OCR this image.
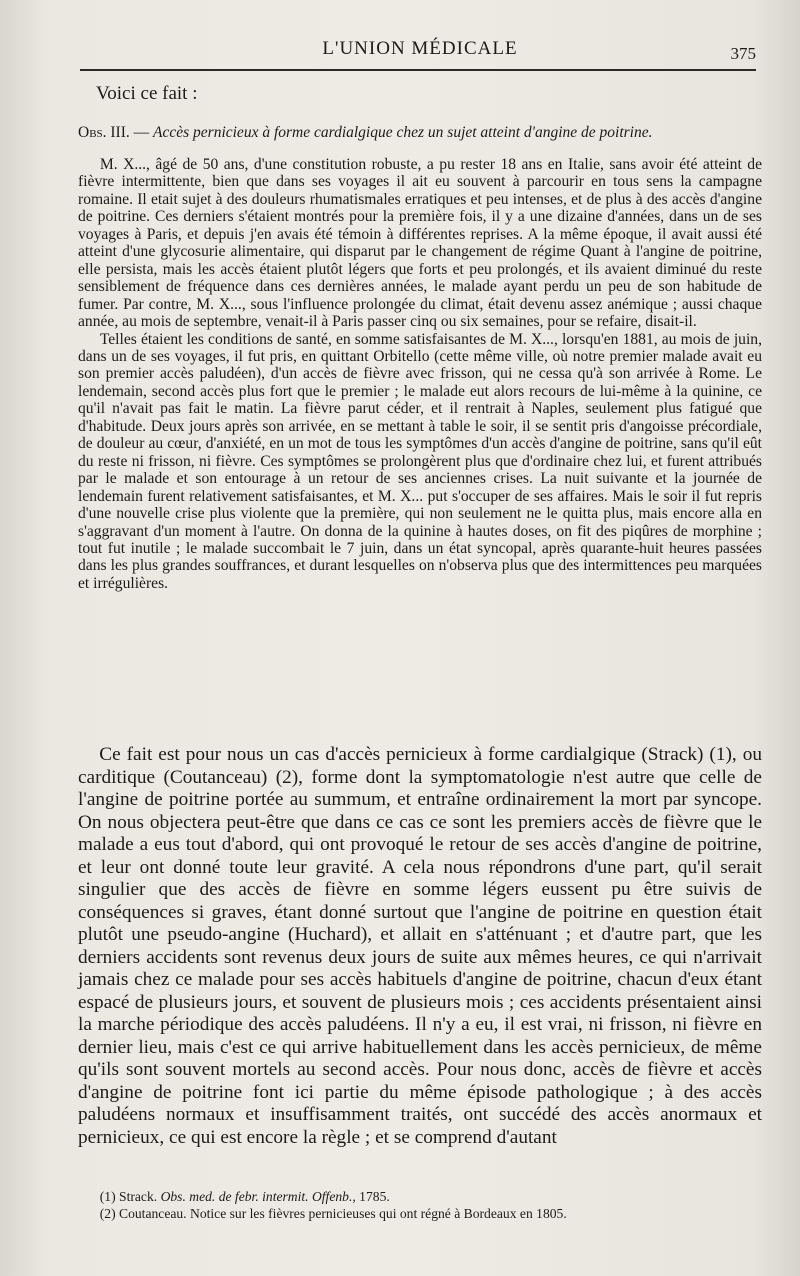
L'UNION MÉDICALE	375
Voici ce fait :
Obs. III. — Accès pernicieux à forme cardialgique chez un sujet atteint d'angine de poitrine.

M. X..., âgé de 50 ans, d'une constitution robuste, a pu rester 18 ans en Italie, sans avoir été atteint de fièvre intermittente, bien que dans ses voyages il ait eu souvent à parcourir en tous sens la campagne romaine. Il etait sujet à des douleurs rhumatismales erratiques et peu intenses, et de plus à des accès d'angine de poitrine. Ces derniers s'étaient montrés pour la première fois, il y a une dizaine d'années, dans un de ses voyages à Paris, et depuis j'en avais été témoin à différentes reprises. A la même époque, il avait aussi été atteint d'une glycosurie alimentaire, qui disparut par le changement de régime Quant à l'angine de poitrine, elle persista, mais les accès étaient plutôt légers que forts et peu prolongés, et ils avaient diminué du reste sensiblement de fréquence dans ces dernières années, le malade ayant perdu un peu de son habitude de fumer. Par contre, M. X..., sous l'influence prolongée du climat, était devenu assez anémique ; aussi chaque année, au mois de septembre, venait-il à Paris passer cinq ou six semaines, pour se refaire, disait-il.

Telles étaient les conditions de santé, en somme satisfaisantes de M. X..., lorsqu'en 1881, au mois de juin, dans un de ses voyages, il fut pris, en quittant Orbitello (cette même ville, où notre premier malade avait eu son premier accès paludéen), d'un accès de fièvre avec frisson, qui ne cessa qu'à son arrivée à Rome. Le lendemain, second accès plus fort que le premier ; le malade eut alors recours de lui-même à la quinine, ce qu'il n'avait pas fait le matin. La fièvre parut céder, et il rentrait à Naples, seulement plus fatigué que d'habitude. Deux jours après son arrivée, en se mettant à table le soir, il se sentit pris d'angoisse précordiale, de douleur au cœur, d'anxiété, en un mot de tous les symptômes d'un accès d'angine de poitrine, sans qu'il eût du reste ni frisson, ni fièvre. Ces symptômes se prolongèrent plus que d'ordinaire chez lui, et furent attribués par le malade et son entourage à un retour de ses anciennes crises. La nuit suivante et la journée de lendemain furent relativement satisfaisantes, et M. X... put s'occuper de ses affaires. Mais le soir il fut repris d'une nouvelle crise plus violente que la première, qui non seulement ne le quitta plus, mais encore alla en s'aggravant d'un moment à l'autre. On donna de la quinine à hautes doses, on fit des piqûres de morphine ; tout fut inutile ; le malade succombait le 7 juin, dans un état syncopal, après quarante-huit heures passées dans les plus grandes souffrances, et durant lesquelles on n'observa plus que des intermittences peu marquées et irrégulières.

Ce fait est pour nous un cas d'accès pernicieux à forme cardialgique (Strack) (1), ou carditique (Coutanceau) (2), forme dont la symptomatologie n'est autre que celle de l'angine de poitrine portée au summum, et entraîne ordinairement la mort par syncope. On nous objectera peut-être que dans ce cas ce sont les premiers accès de fièvre que le malade a eus tout d'abord, qui ont provoqué le retour de ses accès d'angine de poitrine, et leur ont donné toute leur gravité. A cela nous répondrons d'une part, qu'il serait singulier que des accès de fièvre en somme légers eussent pu être suivis de conséquences si graves, étant donné surtout que l'angine de poitrine en question était plutôt une pseudo-angine (Huchard), et allait en s'atténuant ; et d'autre part, que les derniers accidents sont revenus deux jours de suite aux mêmes heures, ce qui n'arrivait jamais chez ce malade pour ses accès habituels d'angine de poitrine, chacun d'eux étant espacé de plusieurs jours, et souvent de plusieurs mois ; ces accidents présentaient ainsi la marche périodique des accès paludéens. Il n'y a eu, il est vrai, ni frisson, ni fièvre en dernier lieu, mais c'est ce qui arrive habituellement dans les accès pernicieux, de même qu'ils sont souvent mortels au second accès. Pour nous donc, accès de fièvre et accès d'angine de poitrine font ici partie du même épisode pathologique ; à des accès paludéens normaux et insuffisamment traités, ont succédé des accès anormaux et pernicieux, ce qui est encore la règle ; et se comprend d'autant

(1) Strack. Obs. med. de febr. intermit. Offenb., 1785.

(2) Coutanceau. Notice sur les fièvres pernicieuses qui ont régné à Bordeaux en 1805.
